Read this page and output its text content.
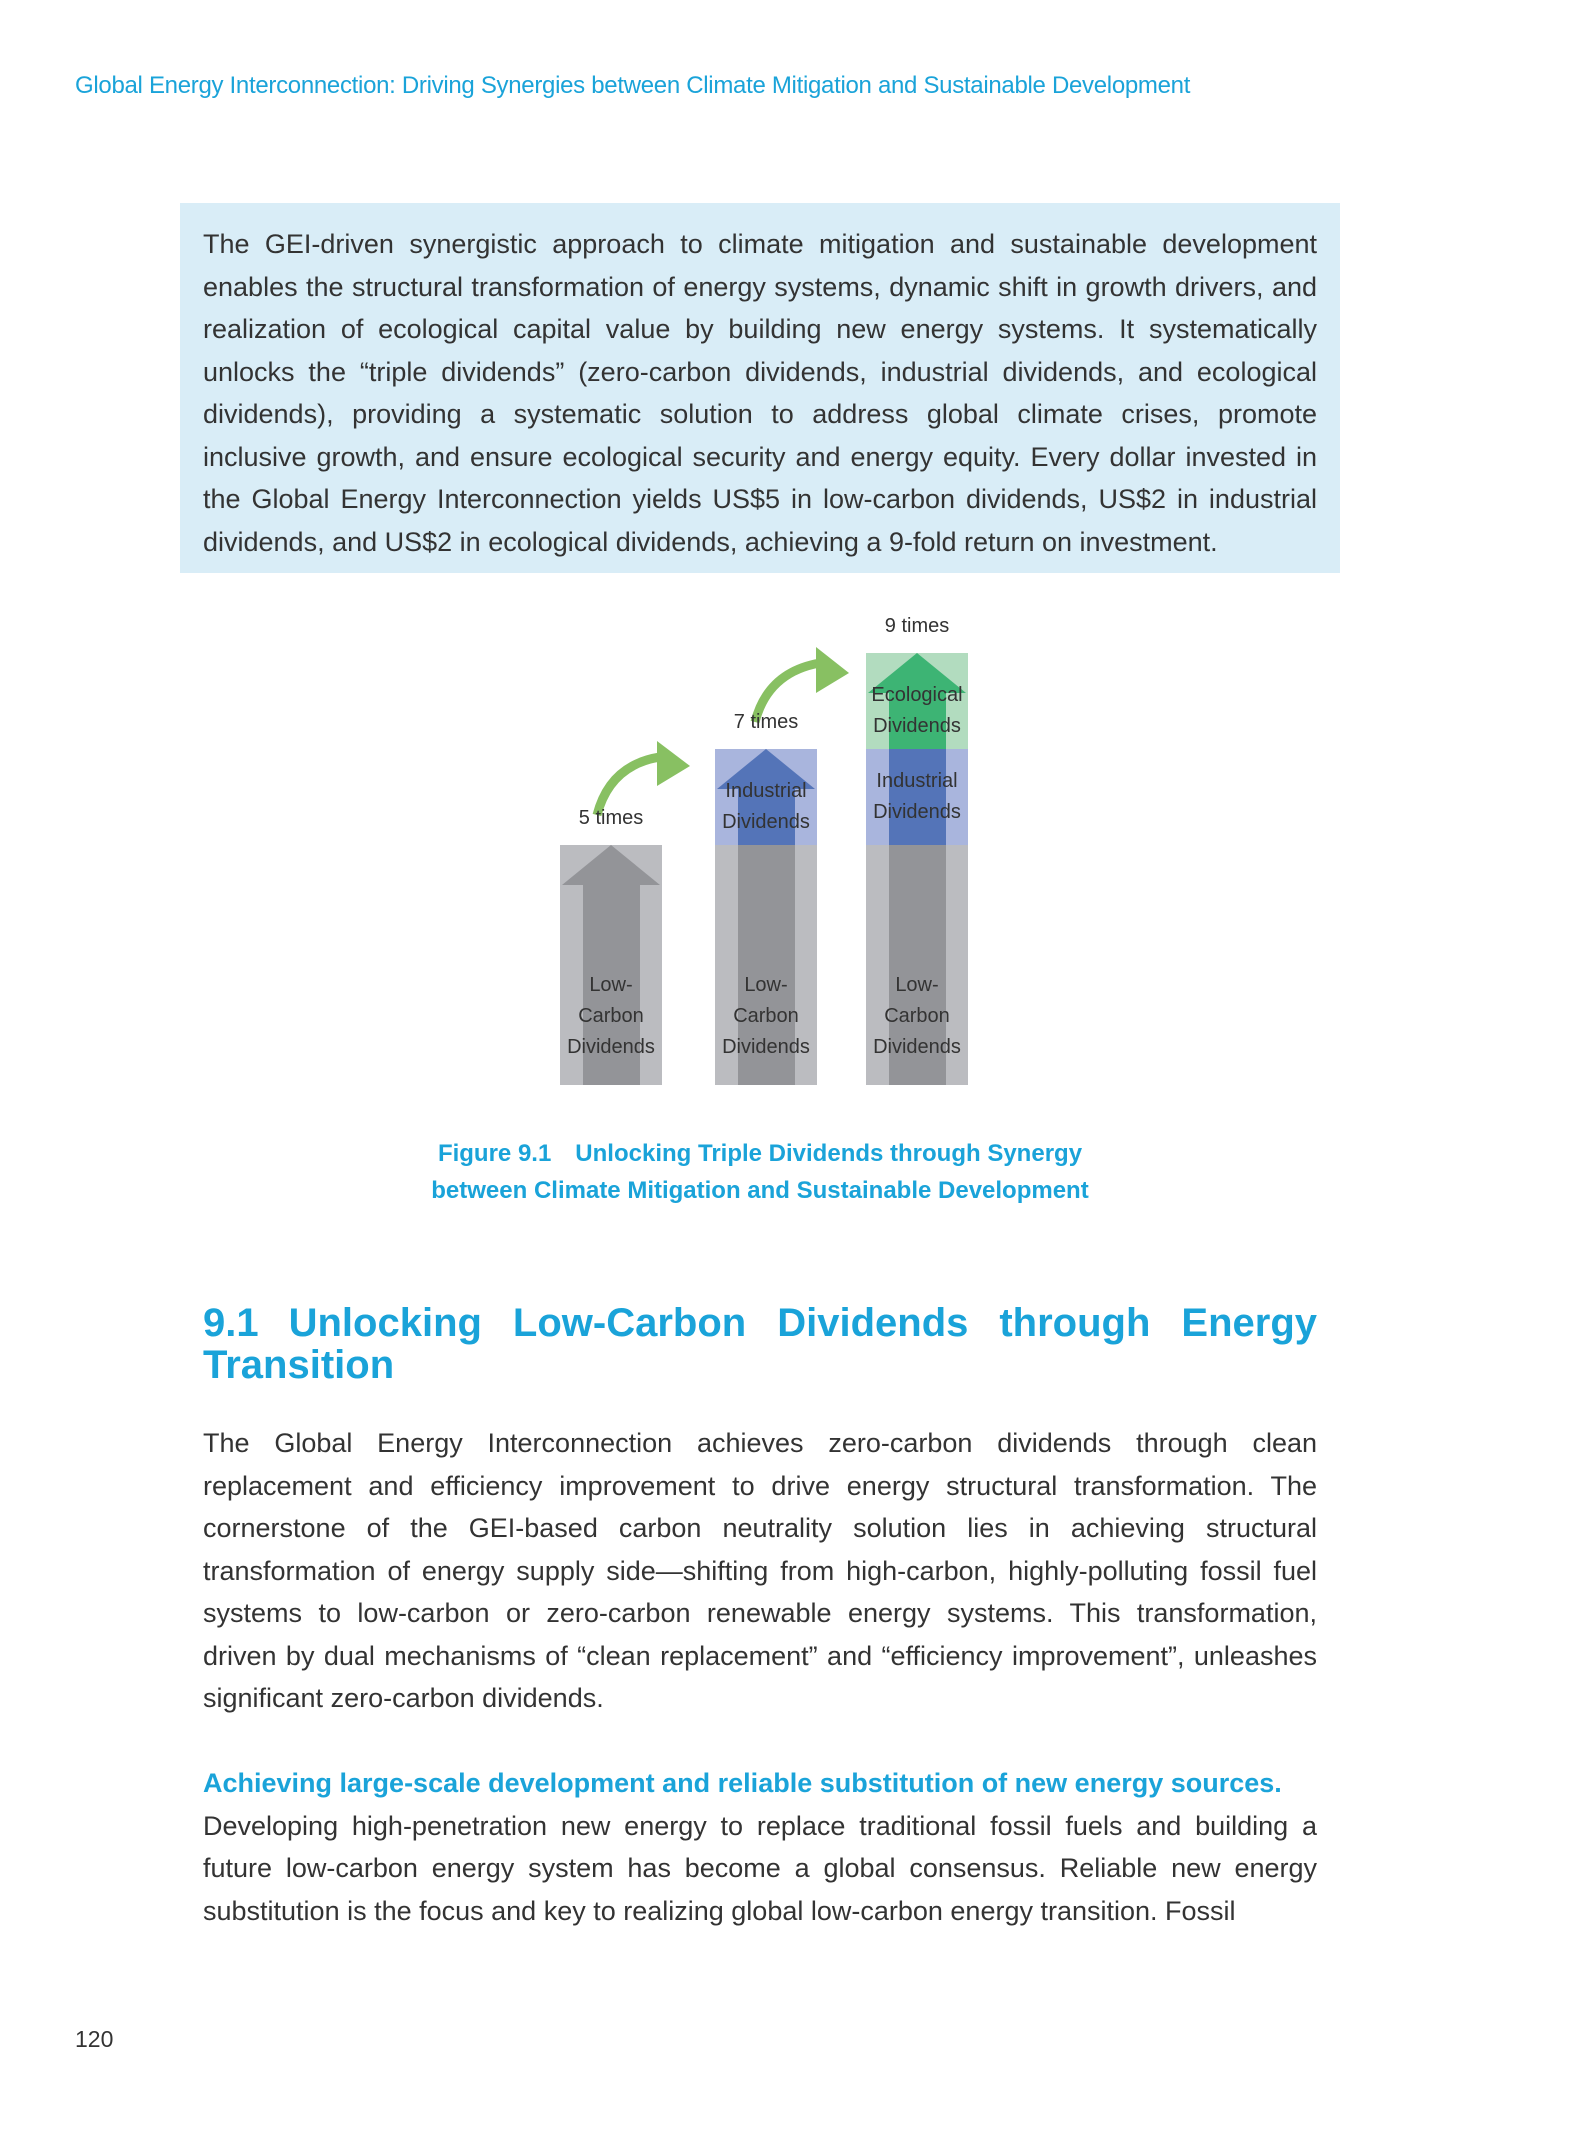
Global Energy Interconnection: Driving Synergies between Climate Mitigation and Sustainable Development
The GEI-driven synergistic approach to climate mitigation and sustainable development enables the structural transformation of energy systems, dynamic shift in growth drivers, and realization of ecological capital value by building new energy systems. It systematically unlocks the “triple dividends” (zero-carbon dividends, industrial dividends, and ecological dividends), providing a systematic solution to address global climate crises, promote inclusive growth, and ensure ecological security and energy equity. Every dollar invested in the Global Energy Interconnection yields US$5 in low-carbon dividends, US$2 in industrial dividends, and US$2 in ecological dividends, achieving a 9-fold return on investment.
Low-
Carbon
Dividends
5 times
Low-
Carbon
Dividends
Industrial
Dividends
7 times
Low-
Carbon
Dividends
Industrial
Dividends
Ecological
Dividends
9 times
Figure 9.1 Unlocking Triple Dividends through Synergy
between Climate Mitigation and Sustainable Development
9.1 Unlocking Low-Carbon Dividends through Energy Transition
The Global Energy Interconnection achieves zero-carbon dividends through clean replacement and efficiency improvement to drive energy structural transformation. The cornerstone of the GEI-based carbon neutrality solution lies in achieving structural transformation of energy supply side—shifting from high-carbon, highly-polluting fossil fuel systems to low-carbon or zero-carbon renewable energy systems. This transformation, driven by dual mechanisms of “clean replacement” and “efficiency improvement”, unleashes significant zero-carbon dividends.
Achieving large-scale development and reliable substitution of new energy sources.
Developing high-penetration new energy to replace traditional fossil fuels and building a future low-carbon energy system has become a global consensus. Reliable new energy substitution is the focus and key to realizing global low-carbon energy transition. Fossil
120
